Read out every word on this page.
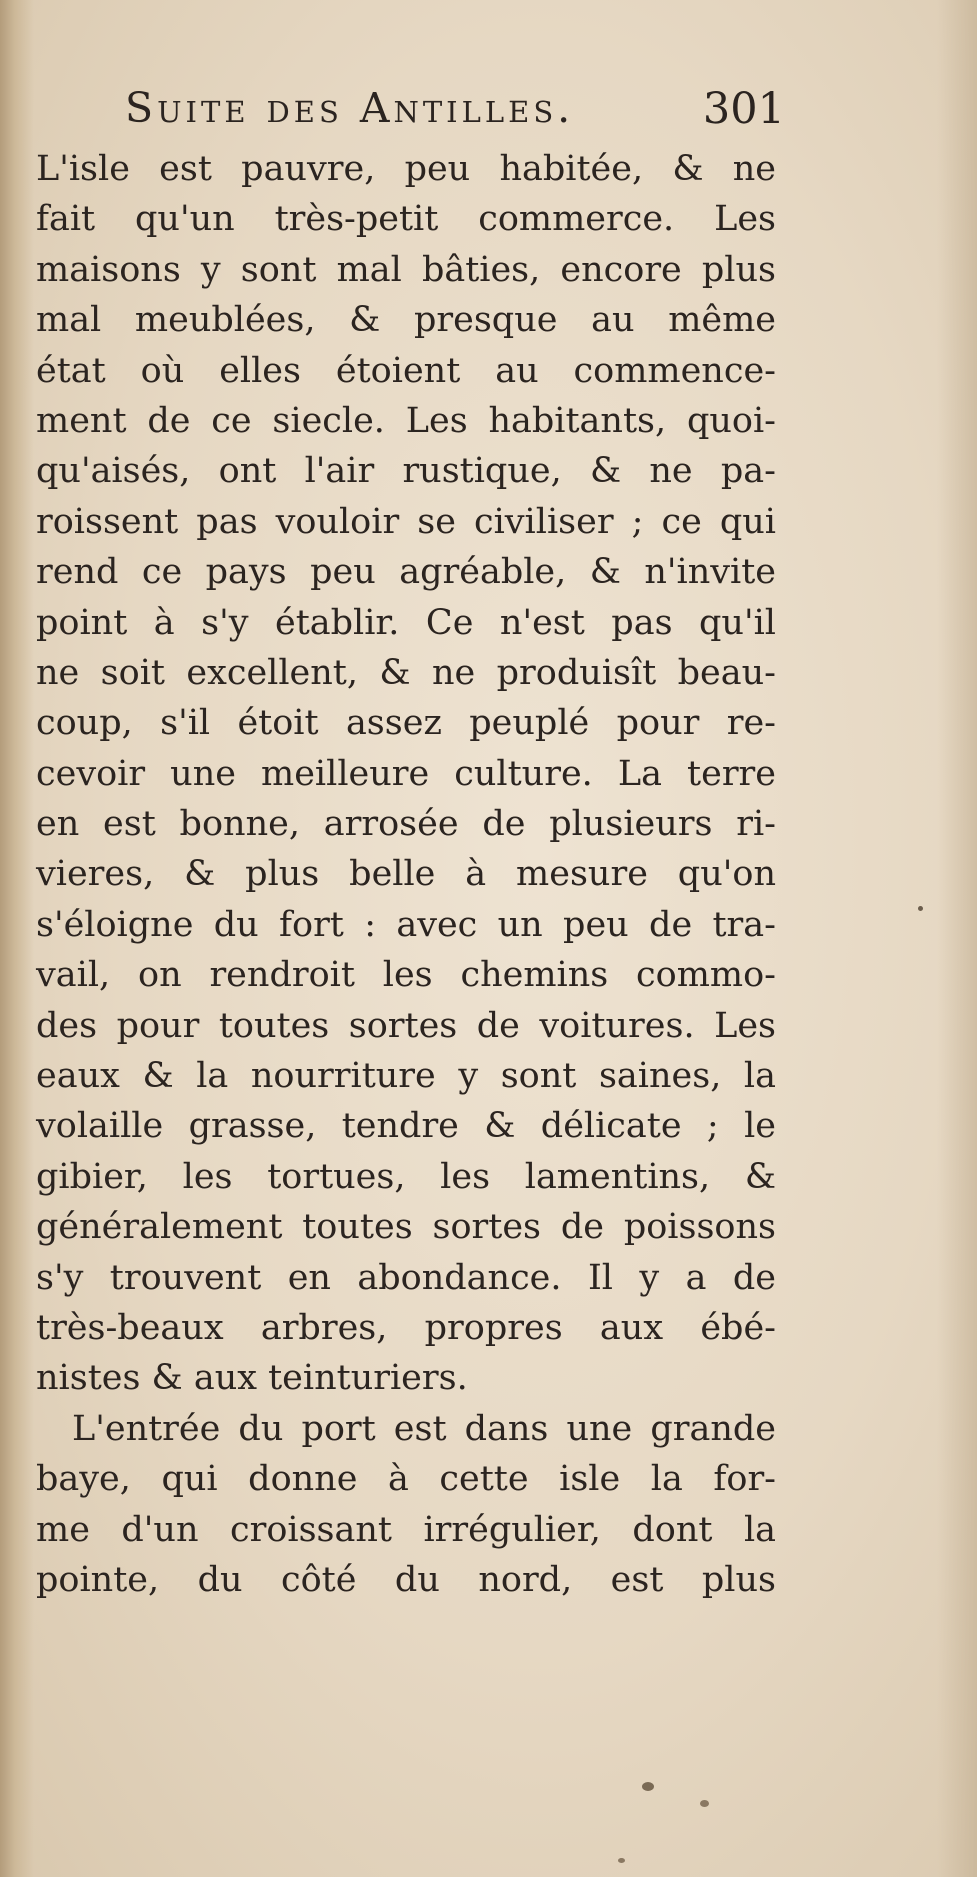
Suite des Antilles.	301
L'isle est pauvre, peu habitée, & ne
fait qu'un très-petit commerce. Les
maisons y sont mal bâties, encore plus
mal meublées, & presque au même
état où elles étoient au commence-
ment de ce siecle. Les habitants, quoi-
qu'aisés, ont l'air rustique, & ne pa-
roissent pas vouloir se civiliser ; ce qui
rend ce pays peu agréable, & n'invite
point à s'y établir. Ce n'est pas qu'il
ne soit excellent, & ne produisît beau-
coup, s'il étoit assez peuplé pour re-
cevoir une meilleure culture. La terre
en est bonne, arrosée de plusieurs ri-
vieres, & plus belle à mesure qu'on
s'éloigne du fort : avec un peu de tra-
vail, on rendroit les chemins commo-
des pour toutes sortes de voitures. Les
eaux & la nourriture y sont saines, la
volaille grasse, tendre & délicate ; le
gibier, les tortues, les lamentins, &
généralement toutes sortes de poissons
s'y trouvent en abondance. Il y a de
très-beaux arbres, propres aux ébé-
nistes & aux teinturiers.
L'entrée du port est dans une grande
baye, qui donne à cette isle la for-
me d'un croissant irrégulier, dont la
pointe, du côté du nord, est plus
